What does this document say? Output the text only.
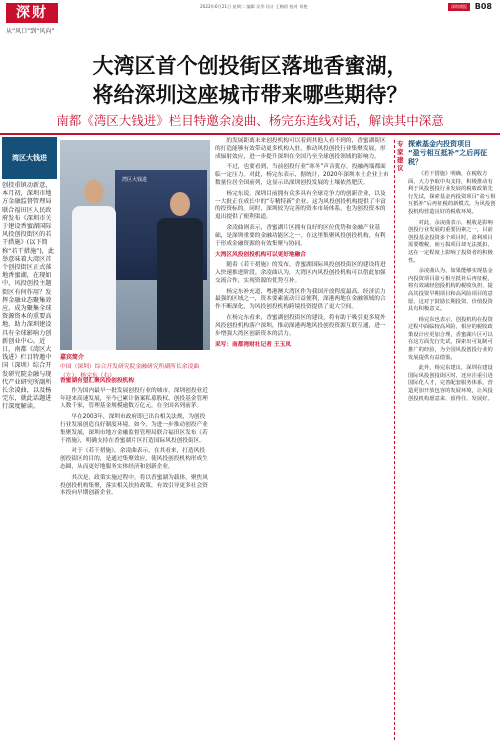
深财
从“风口”到“风向”
2022年6月21日 星期二 编辑 吴华 设计 王梅俏 校对 刘艳	深圳商报 B08
大湾区首个创投街区落地香蜜湖，
将给深圳这座城市带来哪些期待？
南都《湾区大钱进》栏目特邀余凌曲、杨完东连线对话，解读其中深意
湾区大钱进
创投重镇动新意，本月初，深圳市地方金融监督管理局联合福田区人民政府发布《深圳市关于建设香蜜湖国际风投创投街区的若干措施》(以下简称“若干措施”)，此举意味着大湾区首个创投街区正式落地香蜜湖，在现如中，风投创投主题街区有何作用？发挥金融业态聚集效应，成为聚集全球资源资本的重要高地，助力深圳建设具有全球影响力创新创业中心。近日，南都《湾区大钱进》栏目特邀中国（深圳）综合开发研究院金融与现代产业研究所副所长余凌曲，以及杨完东，就此话题进行深度解读。
湾区大钱进
嘉宾简介
中国（深圳）综合开发研究院金融研究所副所长余凌曲（左）；杨完东（右）
香蜜湖有望汇聚风投创投机构

作为国内最早一批发展创投行业的城市，深圳创投业近年迎来高速发展，至今已累计备案私募股权、创投基金管理人数千家，管理基金规模逾数万亿元，在全国名列前茅。

早在2003年，深圳市政府即已出台相关法规，为创投行业发展创造良好制度环境。如今，为进一步推动创投产业集聚发展，深圳市地方金融监督管理局联合福田区发布《若干措施》，明确支持在香蜜湖片区打造国际风投创投街区。

对于《若干措施》，余凌曲表示，在其看来，打造风投创投街区的目的，是通过集聚效应，使风投创投机构形成生态圈，从而更好地服务实体经济和创新企业。

其次是，政策实施过程中，将以香蜜湖为载体，聚焦风投创投机构集聚，落实相关扶持政策，有效引导更多社会资本投向早期创新企业。

的发展距离未来创投机构可以着到其他人看不到的，香蜜湖街区的打造能够有效带动更多机构入驻，推动风投创投行业集聚发展，形成辐射效应，进一步提升深圳在全国乃至全球创投领域的影响力。

不过，也要看到，当前创投行业“寒冬”声音犹存，投融两端都面临一定压力。对此，杨完东表示，据统计，2020年深圳本土企业上市数量位居全国前列，这显示出深圳创投发展的土壤依然肥沃。

杨完东说，深圳目前拥有众多具有全球竞争力的创新企业，以及一大批正在成长中的“专精特新”企业，这为风投创投机构提供了丰富的投资标的。同时，深圳较为完善的资本市场体系，也为创投资本的退出提供了便利渠道。

余凌曲则表示，香蜜湖片区拥有良好的区位优势和金融产业基础，是深圳重要的金融功能区之一，在这里集聚风投创投机构，有利于形成金融资源的有效集聚与协同。

大湾区风投创投机构可以更好地融合

随着《若干措施》的发布，香蜜湖国际风投创投街区的建设将进入快速推进阶段。余凌曲认为，大湾区内风投创投机构可以借此加强交流合作，实现资源的优势互补。

杨完东补充道，粤港澳大湾区作为我国开放程度最高、经济活力最强的区域之一，资本要素流动日益便利，深港两地在金融领域的合作不断深化，为风投创投机构跨境投资提供了更大空间。

在杨完东看来，香蜜湖创投街区的建设，将有助于吸引更多境外风投创投机构落户深圳，推动深港两地风投创投资源互联互通，进一步增强大湾区创新资本的活力。

采写：南都湾财社记者 王玉凤
专家建议
探索基金内投资项目
“盈亏相互抵补”之后再征税？

《若干措施》明确，在税收方面，大力争取中央支持，积极推动有利于风投创投行业发展的税收政策先行先试，探索基金内投资项目“盈亏相互抵补”后再征税的新模式，为风投创投机构营造良好的税收环境。

对此，余凌曲表示，税收是影响创投行业发展的重要因素之一，目前创投基金投资多个项目时，盈利项目需要缴税，而亏损项目却无法抵扣，这在一定程度上影响了投资者的积极性。

余凌曲认为，如果能够实现基金内投资项目盈亏相互抵补后再征税，将有效减轻创投机构的税收负担，提高其投资早期项目和高风险项目的意愿，这对于鼓励长期投资、价值投资具有积极意义。

杨完东也表示，创投机构在投资过程中面临较高风险，相应的税收政策设计应更加合理，香蜜湖片区可以在这方面先行先试，探索出可复制可推广的经验，为全国风投创投行业的发展提供有益借鉴。

此外，杨完东建议，深圳在建设国际风投创投街区时，还应注重引进国际化人才，完善配套服务体系，营造更加开放包容的发展环境，让风投创投机构愿意来、留得住、发展好。
